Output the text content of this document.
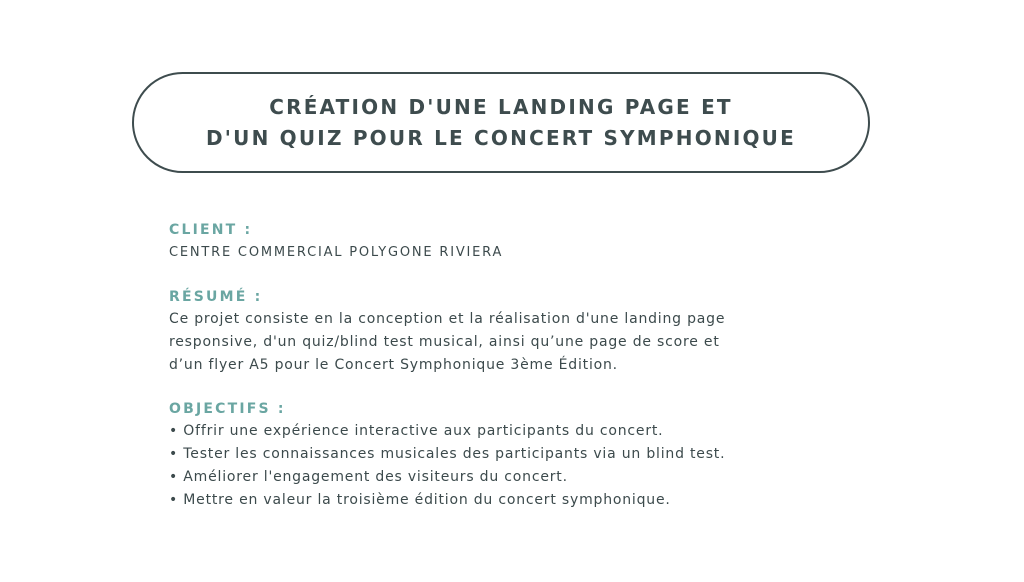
CRÉATION D'UNE LANDING PAGE ET
D'UN QUIZ POUR LE CONCERT SYMPHONIQUE
CLIENT :
CENTRE COMMERCIAL POLYGONE RIVIERA
RÉSUMÉ :

Ce projet consiste en la conception et la réalisation d'une landing page

responsive, d'un quiz/blind test musical, ainsi qu’une page de score et

d’un flyer A5 pour le Concert Symphonique 3ème Édition.

OBJECTIFS :
• Offrir une expérience interactive aux participants du concert.
• Tester les connaissances musicales des participants via un blind test.
• Améliorer l'engagement des visiteurs du concert.
• Mettre en valeur la troisième édition du concert symphonique.
